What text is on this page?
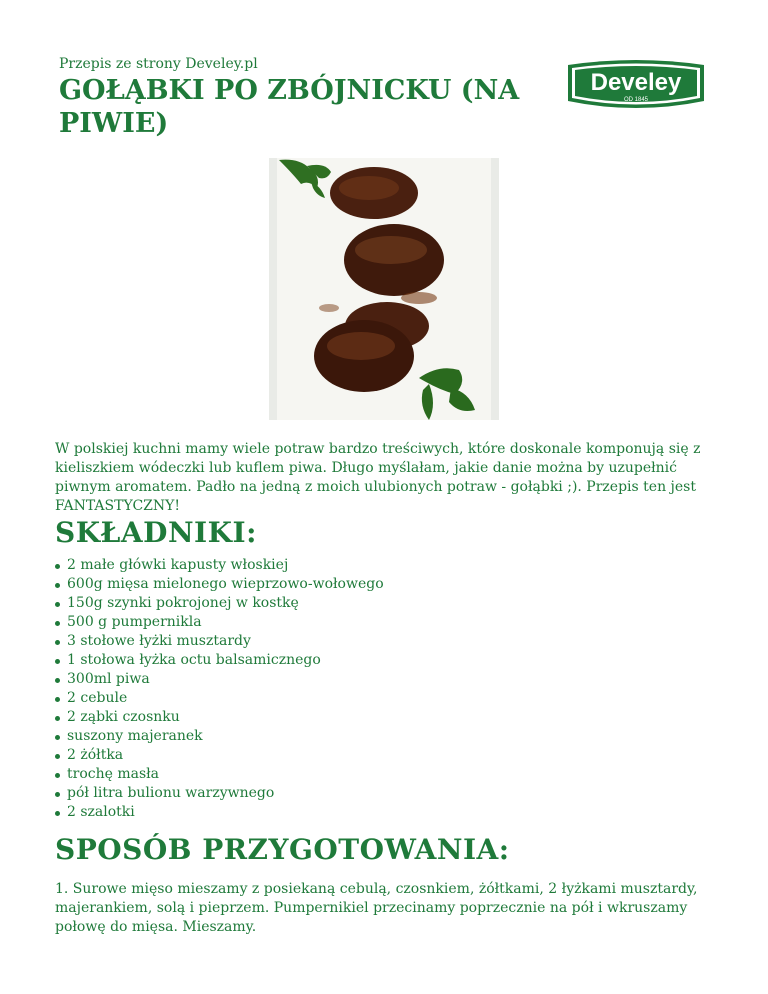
Przepis ze strony Develey.pl
GOŁĄBKI PO ZBÓJNICKU (NA PIWIE)
Develey
OD 1845

W polskiej kuchni mamy wiele potraw bardzo treściwych, które doskonale komponują się z kieliszkiem wódeczki lub kuflem piwa. Długo myślałam, jakie danie można by uzupełnić piwnym aromatem. Padło na jedną z moich ulubionych potraw - gołąbki ;). Przepis ten jest FANTASTYCZNY!

SKŁADNIKI:
2 małe główki kapusty włoskiej
600g mięsa mielonego wieprzowo-wołowego
150g szynki pokrojonej w kostkę
500 g pumpernikla
3 stołowe łyżki musztardy
1 stołowa łyżka octu balsamicznego
300ml piwa
2 cebule
2 ząbki czosnku
suszony majeranek
2 żółtka
trochę masła
pół litra bulionu warzywnego
2 szalotki
SPOSÓB PRZYGOTOWANIA:

1. Surowe mięso mieszamy z posiekaną cebulą, czosnkiem, żółtkami, 2 łyżkami musztardy, majerankiem, solą i pieprzem. Pumpernikiel przecinamy poprzecznie na pół i wkruszamy połowę do mięsa. Mieszamy.
